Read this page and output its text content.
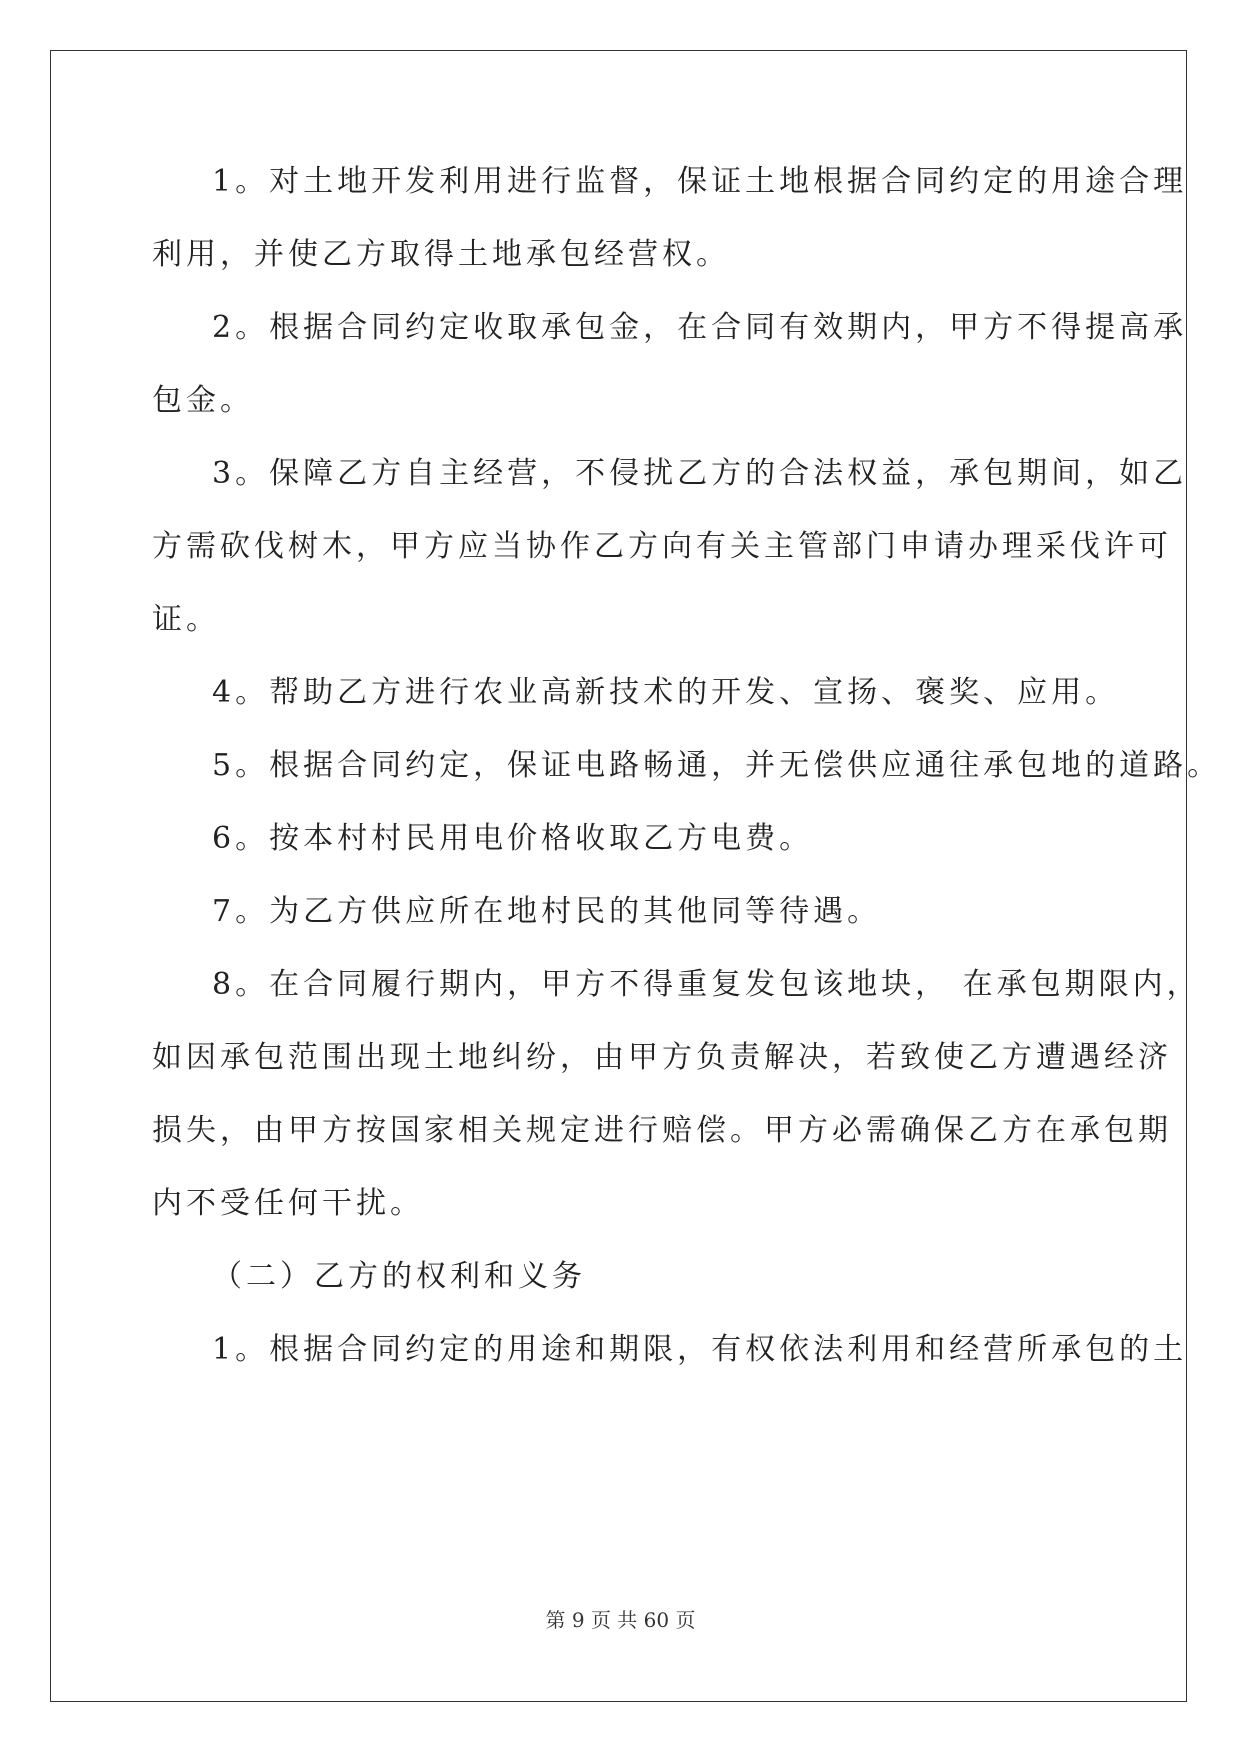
1。对土地开发利用进行监督，保证土地根据合同约定的用途合理
利用，并使乙方取得土地承包经营权。
2。根据合同约定收取承包金，在合同有效期内，甲方不得提高承
包金。
3。保障乙方自主经营，不侵扰乙方的合法权益，承包期间，如乙
方需砍伐树木，甲方应当协作乙方向有关主管部门申请办理采伐许可
证。
4。帮助乙方进行农业高新技术的开发、宣扬、褒奖、应用。
5。根据合同约定，保证电路畅通，并无偿供应通往承包地的道路。
6。按本村村民用电价格收取乙方电费。
7。为乙方供应所在地村民的其他同等待遇。
8。在合同履行期内，甲方不得重复发包该地块， 在承包期限内，
如因承包范围出现土地纠纷，由甲方负责解决，若致使乙方遭遇经济
损失，由甲方按国家相关规定进行赔偿。甲方必需确保乙方在承包期
内不受任何干扰。
（二）乙方的权利和义务
1。根据合同约定的用途和期限，有权依法利用和经营所承包的土
第 9 页 共 60 页
